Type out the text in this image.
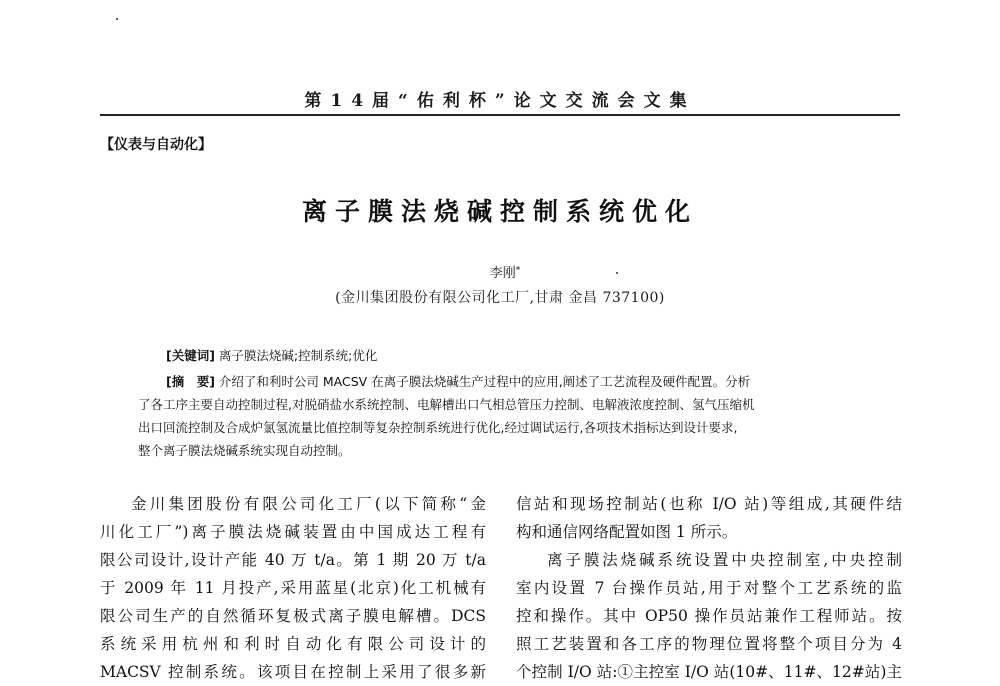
第14届“佑利杯”论文交流会文集
【仪表与自动化】
离子膜法烧碱控制系统优化
李刚*
(金川集团股份有限公司化工厂,甘肃 金昌 737100)
[关键词] 离子膜法烧碱;控制系统;优化
[摘　要] 介绍了和利时公司 MACSV 在离子膜法烧碱生产过程中的应用,阐述了工艺流程及硬件配置。分析
了各工序主要自动控制过程,对脱硝盐水系统控制、电解槽出口气相总管压力控制、电解液浓度控制、氢气压缩机
出口回流控制及合成炉氯氢流量比值控制等复杂控制系统进行优化,经过调试运行,各项技术指标达到设计要求,
整个离子膜法烧碱系统实现自动控制。
金川集团股份有限公司化工厂(以下简称“金
川化工厂”)离子膜法烧碱装置由中国成达工程有
限公司设计,设计产能 40 万 t/a。第 1 期 20 万 t/a
于 2009 年 11 月投产,采用蓝星(北京)化工机械有
限公司生产的自然循环复极式离子膜电解槽。DCS
系统采用杭州和利时自动化有限公司设计的
MACSV 控制系统。该项目在控制上采用了很多新
信站和现场控制站(也称 I/O 站)等组成,其硬件结
构和通信网络配置如图 1 所示。
离子膜法烧碱系统设置中央控制室,中央控制
室内设置 7 台操作员站,用于对整个工艺系统的监
控和操作。其中 OP50 操作员站兼作工程师站。按
照工艺装置和各工序的物理位置将整个项目分为 4
个控制 I/O 站:①主控室 I/O 站(10#、11#、12#站)主
